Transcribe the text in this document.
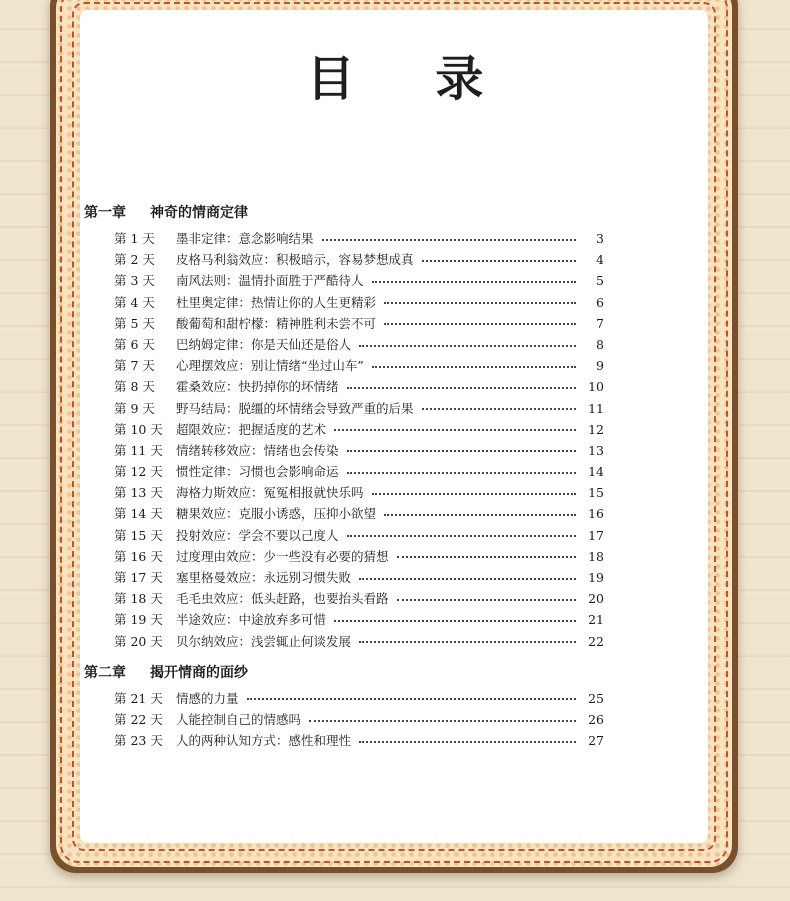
目 录
第一章 神奇的情商定律
第 1 天	墨非定律：意念影响结果	3
第 2 天	皮格马利翁效应：积极暗示，容易梦想成真	4
第 3 天	南风法则：温情扑面胜于严酷待人	5
第 4 天	杜里奥定律：热情让你的人生更精彩	6
第 5 天	酸葡萄和甜柠檬：精神胜利未尝不可	7
第 6 天	巴纳姆定律：你是天仙还是俗人	8
第 7 天	心理摆效应：别让情绪“坐过山车”	9
第 8 天	霍桑效应：快扔掉你的坏情绪	10
第 9 天	野马结局：脱缰的坏情绪会导致严重的后果	11
第 10 天	超限效应：把握适度的艺术	12
第 11 天	情绪转移效应：情绪也会传染	13
第 12 天	惯性定律：习惯也会影响命运	14
第 13 天	海格力斯效应：冤冤相报就快乐吗	15
第 14 天	糖果效应：克服小诱惑，压抑小欲望	16
第 15 天	投射效应：学会不要以己度人	17
第 16 天	过度理由效应：少一些没有必要的猜想	18
第 17 天	塞里格曼效应：永远别习惯失败	19
第 18 天	毛毛虫效应：低头赶路，也要抬头看路	20
第 19 天	半途效应：中途放弃多可惜	21
第 20 天	贝尔纳效应：浅尝辄止何谈发展	22
第二章 揭开情商的面纱
第 21 天	情感的力量	25
第 22 天	人能控制自己的情感吗	26
第 23 天	人的两种认知方式：感性和理性	27
